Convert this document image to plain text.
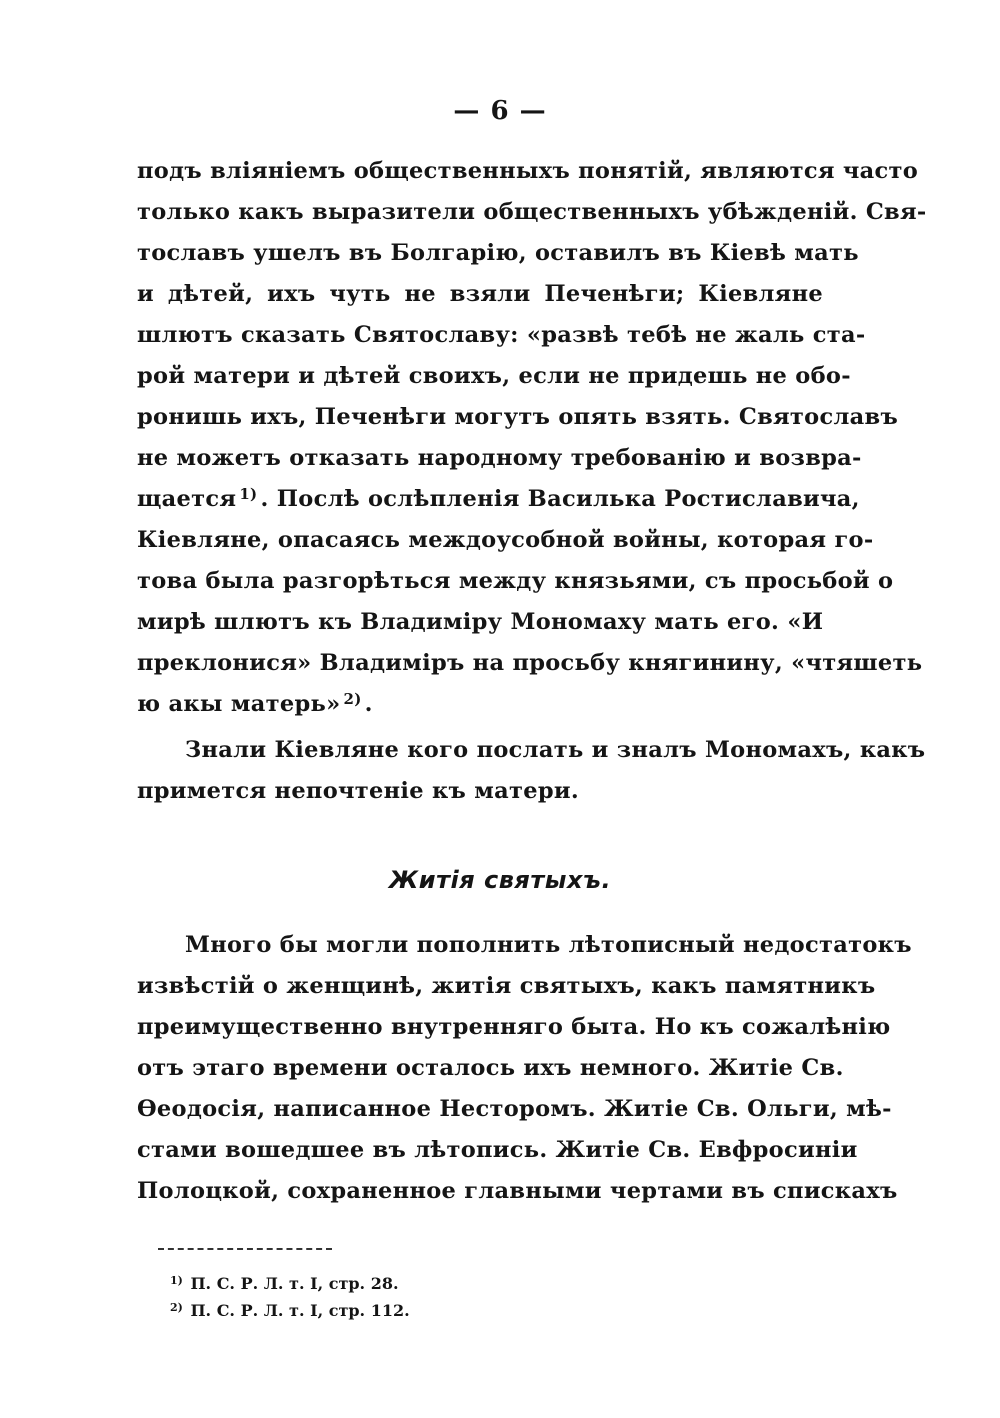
— 6 —
подъ вліяніемъ общественныхъ понятій, являются часто
только какъ выразители общественныхъ убѣжденій. Свя-
тославъ ушелъ въ Болгарію, оставилъ въ Кіевѣ мать
и дѣтей, ихъ чуть не взяли Печенѣги; Кіевляне
шлютъ сказать Святославу: «развѣ тебѣ не жаль ста-
рой матери и дѣтей своихъ, если не придешь не обо-
ронишь ихъ, Печенѣги могутъ опять взять. Святославъ
не можетъ отказать народному требованію и возвра-
щается $^{1)}$ . Послѣ ослѣпленія Василька Ростиславича,
Кіевляне, опасаясь междоусобной войны, которая го-
това была разгорѣться между князьями, съ просьбой о
мирѣ шлютъ къ Владиміру Мономаху мать его. «И
преклонися» Владиміръ на просьбу княгинину, «чтяшеть
ю акы матерь» $^{2)}$ .
Знали Кіевляне кого послать и зналъ Мономахъ, какъ
примется непочтеніе къ матери.
Житія святыхъ.
Много бы могли пополнить лѣтописный недостатокъ
извѣстій о женщинѣ, житія святыхъ, какъ памятникъ
преимущественно внутренняго быта. Но къ сожалѣнію
отъ этаго времени осталось ихъ немного. Житіе Св.
Ѳеодосія, написанное Несторомъ. Житіе Св. Ольги, мѣ-
стами вошедшее въ лѣтопись. Житіе Св. Евфросиніи
Полоцкой, сохраненное главными чертами въ спискахъ
$^{1)}$ П. С. Р. Л. т. I, стр. 28.
$^{2)}$ П. С. Р. Л. т. I, стр. 112.
